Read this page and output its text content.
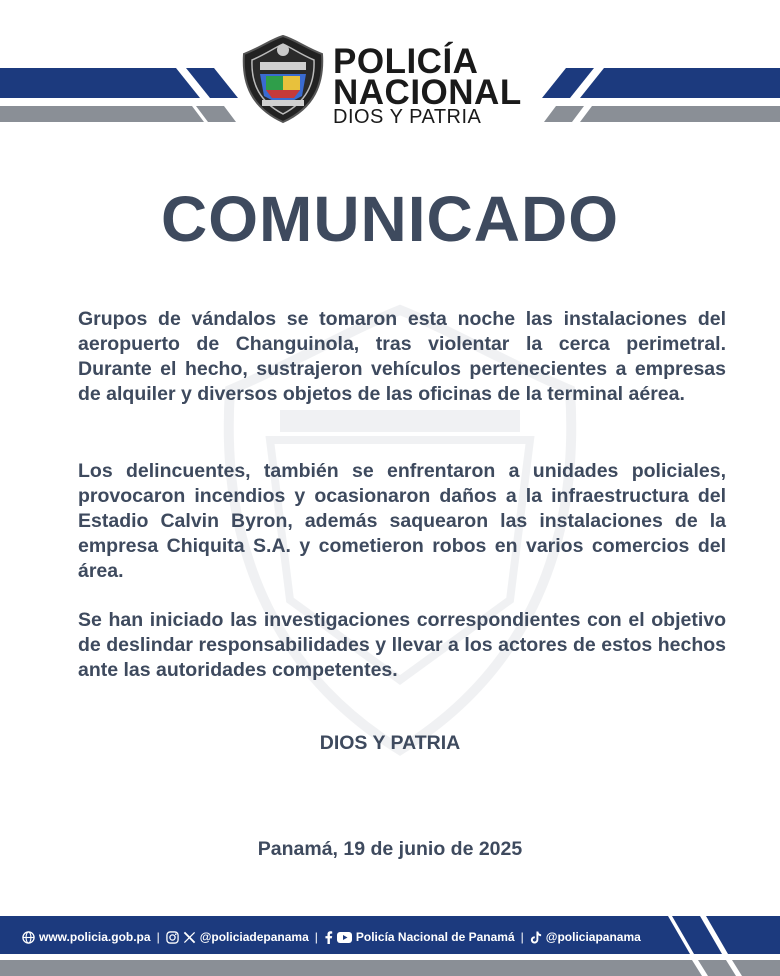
POLICÍA
NACIONAL
DIOS Y PATRIA
COMUNICADO

Grupos de vándalos se tomaron esta noche las instalaciones del aeropuerto de Changuinola, tras violentar la cerca perimetral. Durante el hecho, sustrajeron vehículos pertenecientes a empresas de alquiler y diversos objetos de las oficinas de la terminal aérea.

Los delincuentes, también se enfrentaron a unidades policiales, provocaron incendios y ocasionaron daños a la infraestructura del Estadio Calvin Byron, además saquearon las instalaciones de la empresa Chiquita S.A. y cometieron robos en varios comercios del área.

Se han iniciado las investigaciones correspondientes con el objetivo de deslindar responsabilidades y llevar a los actores de estos hechos ante las autoridades competentes.

DIOS Y PATRIA
Panamá, 19 de junio de 2025
www.policia.gob.pa |	@policiadepanama |	Policía Nacional de Panamá | @policiapanama
